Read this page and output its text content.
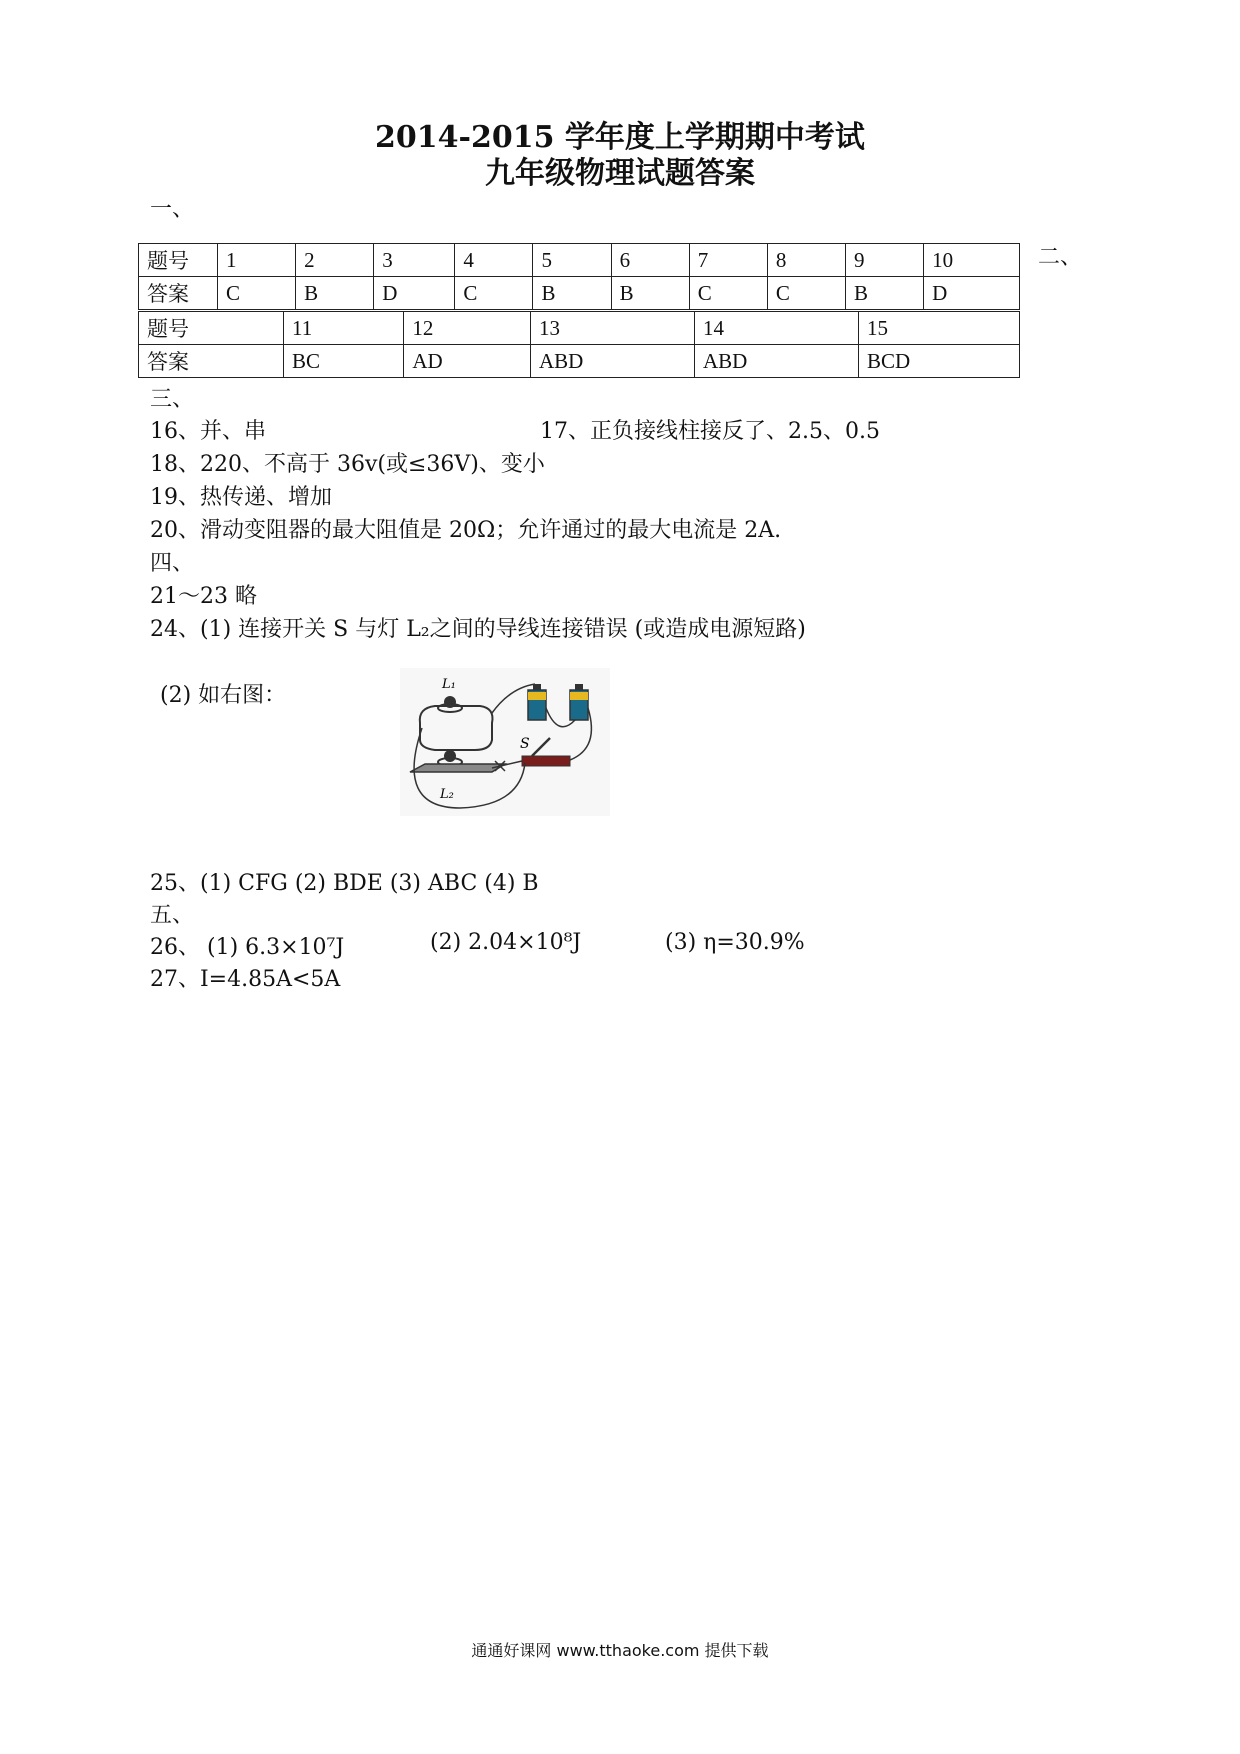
2014-2015 学年度上学期期中考试
九年级物理试题答案
一、
题号	1	2	3	4	5	6	7	8	9	10
答案	C	B	D	C	B	B	C	C	B	D
二、
题号	11	12	13	14	15
答案	BC	AD	ABD	ABD	BCD
三、
16、并、串	17、正负接线柱接反了、2.5、0.5
18、220、不高于 36v(或≤36V)、变小
19、热传递、增加
20、滑动变阻器的最大阻值是 20Ω；允许通过的最大电流是 2A.
四、
21～23 略
24、(1) 连接开关 S 与灯 L₂之间的导线连接错误 (或造成电源短路)
(2) 如右图：	L₁
L₂
S
25、(1) CFG (2) BDE (3) ABC (4) B
五、
26、 (1) 6.3×10⁷J	(2) 2.04×10⁸J	(3) η=30.9%
27、I=4.85A<5A
通通好课网 www.tthaoke.com 提供下载
